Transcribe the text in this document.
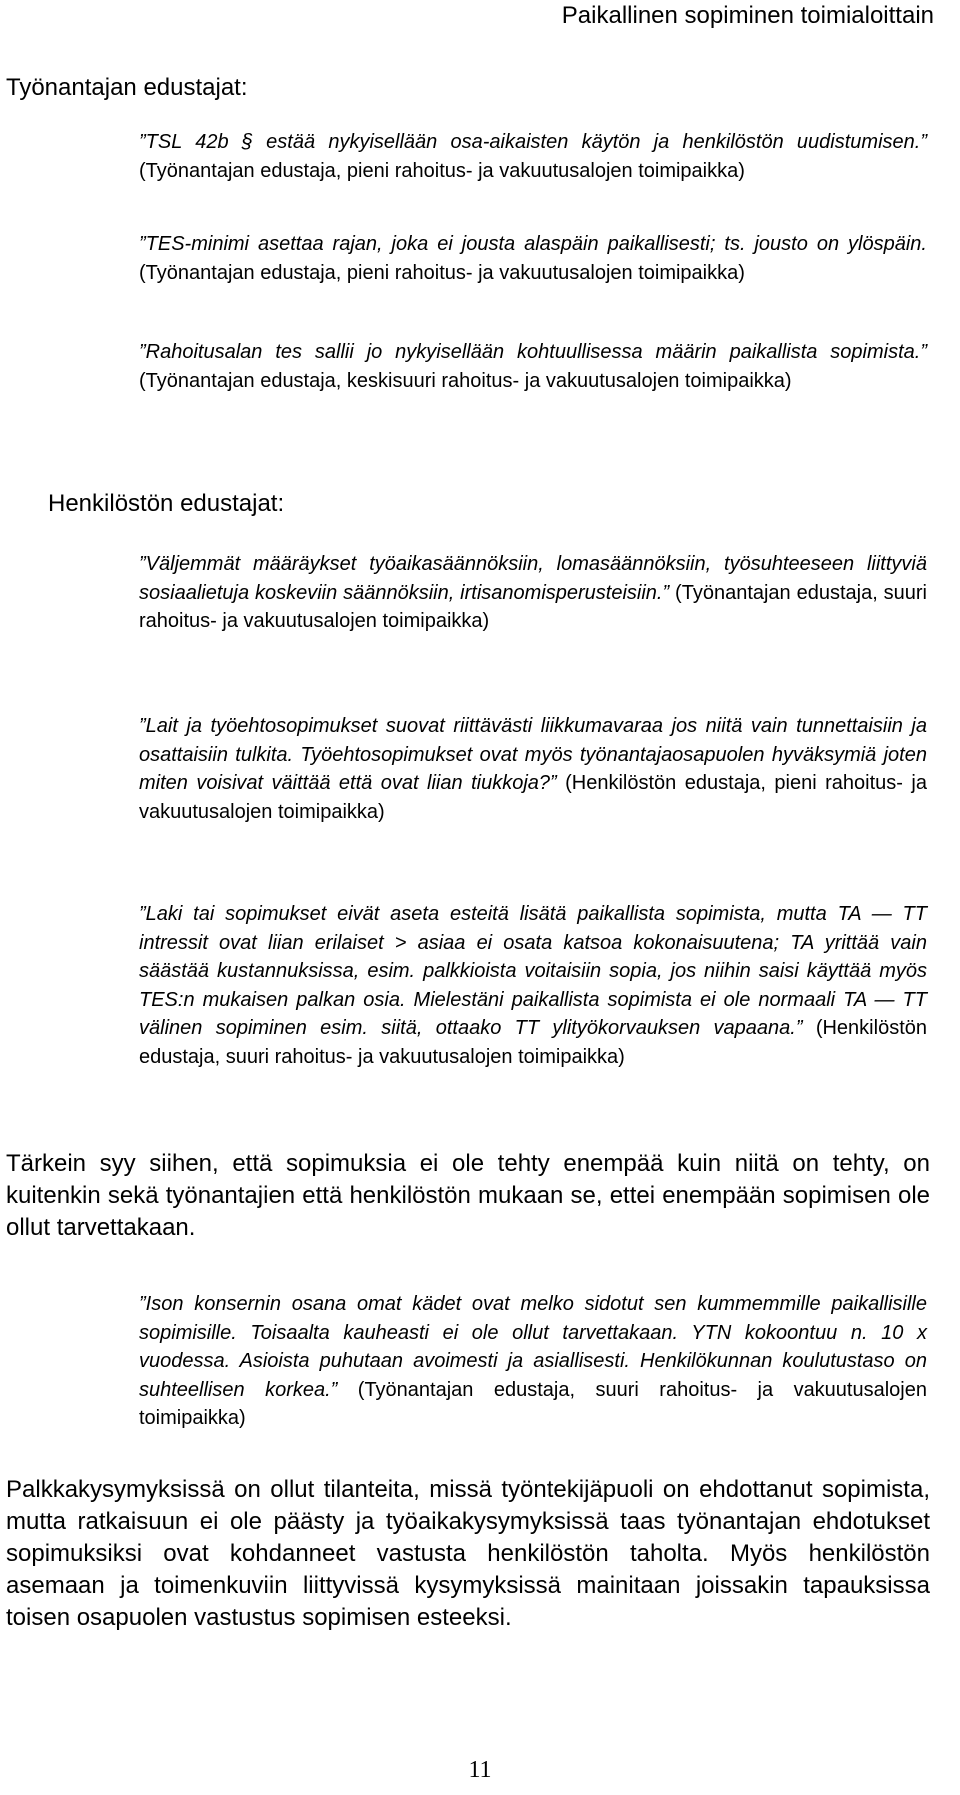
Paikallinen sopiminen toimialoittain
Työnantajan edustajat:
”TSL 42b § estää nykyisellään osa-aikaisten käytön ja henkilöstön uudistumisen.” (Työnantajan edustaja, pieni rahoitus- ja vakuutusalojen toimipaikka)
”TES-minimi asettaa rajan, joka ei jousta alaspäin paikallisesti; ts. jousto on ylöspäin. (Työnantajan edustaja, pieni rahoitus- ja vakuutusalojen toimipaikka)
”Rahoitusalan tes sallii jo nykyisellään kohtuullisessa määrin paikallista sopimista.” (Työnantajan edustaja, keskisuuri rahoitus- ja vakuutusalojen toimipaikka)
Henkilöstön edustajat:
”Väljemmät määräykset työaikasäännöksiin, lomasäännöksiin, työsuhteeseen liittyviä sosiaalietuja koskeviin säännöksiin, irtisanomisperusteisiin.” (Työnantajan edustaja, suuri rahoitus- ja vakuutusalojen toimipaikka)
”Lait ja työehtosopimukset suovat riittävästi liikkumavaraa jos niitä vain tunnettaisiin ja osattaisiin tulkita. Työehtosopimukset ovat myös työnantajaosapuolen hyväksymiä joten miten voisivat väittää että ovat liian tiukkoja?” (Henkilöstön edustaja, pieni rahoitus- ja vakuutusalojen toimipaikka)
”Laki tai sopimukset eivät aseta esteitä lisätä paikallista sopimista, mutta TA — TT intressit ovat liian erilaiset > asiaa ei osata katsoa kokonaisuutena; TA yrittää vain säästää kustannuksissa, esim. palkkioista voitaisiin sopia, jos niihin saisi käyttää myös TES:n mukaisen palkan osia. Mielestäni paikallista sopimista ei ole normaali TA — TT välinen sopiminen esim. siitä, ottaako TT ylityökorvauksen vapaana.” (Henkilöstön edustaja, suuri rahoitus- ja vakuutusalojen toimipaikka)
Tärkein syy siihen, että sopimuksia ei ole tehty enempää kuin niitä on tehty, on kuitenkin sekä työnantajien että henkilöstön mukaan se, ettei enempään sopimisen ole ollut tarvettakaan.
”Ison konsernin osana omat kädet ovat melko sidotut sen kummemmille paikallisille sopimisille. Toisaalta kauheasti ei ole ollut tarvettakaan. YTN kokoontuu n. 10 x vuodessa. Asioista puhutaan avoimesti ja asiallisesti. Henkilökunnan koulutustaso on suhteellisen korkea.” (Työnantajan edustaja, suuri rahoitus- ja vakuutusalojen toimipaikka)
Palkkakysymyksissä on ollut tilanteita, missä työntekijäpuoli on ehdottanut sopimista, mutta ratkaisuun ei ole päästy ja työaikakysymyksissä taas työnantajan ehdotukset sopimuksiksi ovat kohdanneet vastusta henkilöstön taholta. Myös henkilöstön asemaan ja toimenkuviin liittyvissä kysymyksissä mainitaan joissakin tapauksissa toisen osapuolen vastustus sopimisen esteeksi.
11
